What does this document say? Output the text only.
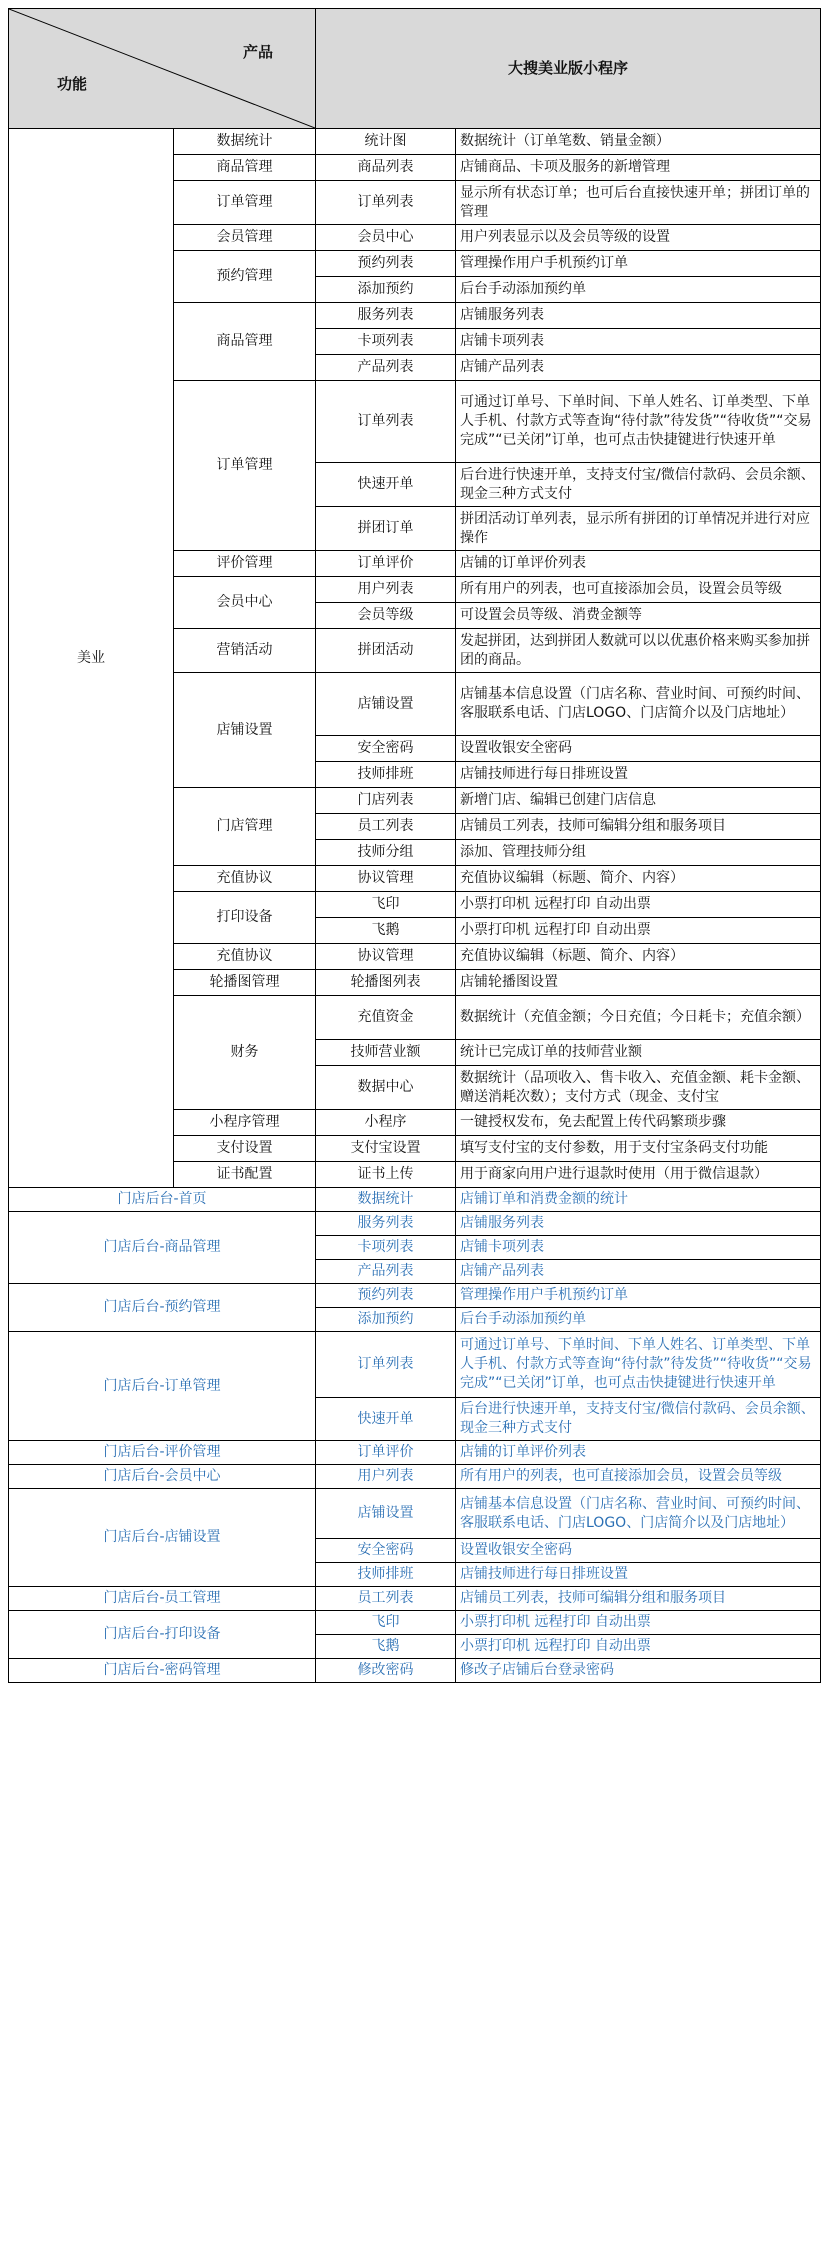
产品
功能		大搜美业版小程序	
美业	数据统计	统计图	数据统计（订单笔数、销量金额）
	商品管理	商品列表	店铺商品、卡项及服务的新增管理
	订单管理	订单列表	显示所有状态订单；也可后台直接快速开单；拼团订单的管理
	会员管理	会员中心	用户列表显示以及会员等级的设置
	预约管理	预约列表	管理操作用户手机预约订单
		添加预约	后台手动添加预约单
	商品管理	服务列表	店铺服务列表
		卡项列表	店铺卡项列表
		产品列表	店铺产品列表
	订单管理	订单列表	可通过订单号、下单时间、下单人姓名、订单类型、下单人手机、付款方式等查询“待付款”待发货”“待收货”“交易完成”“已关闭”订单，也可点击快捷键进行快速开单
		快速开单	后台进行快速开单，支持支付宝/微信付款码、会员余额、现金三种方式支付
		拼团订单	拼团活动订单列表，显示所有拼团的订单情况并进行对应操作
	评价管理	订单评价	店铺的订单评价列表
	会员中心	用户列表	所有用户的列表，也可直接添加会员，设置会员等级
		会员等级	可设置会员等级、消费金额等
	营销活动	拼团活动	发起拼团，达到拼团人数就可以以优惠价格来购买参加拼团的商品。
	店铺设置	店铺设置	店铺基本信息设置（门店名称、营业时间、可预约时间、客服联系电话、门店LOGO、门店简介以及门店地址）
		安全密码	设置收银安全密码
		技师排班	店铺技师进行每日排班设置
	门店管理	门店列表	新增门店、编辑已创建门店信息
		员工列表	店铺员工列表，技师可编辑分组和服务项目
		技师分组	添加、管理技师分组
	充值协议	协议管理	充值协议编辑（标题、简介、内容）
	打印设备	飞印	小票打印机 远程打印 自动出票
		飞鹅	小票打印机 远程打印 自动出票
	充值协议	协议管理	充值协议编辑（标题、简介、内容）
	轮播图管理	轮播图列表	店铺轮播图设置
	财务	充值资金	数据统计（充值金额；今日充值；今日耗卡；充值余额）
		技师营业额	统计已完成订单的技师营业额
		数据中心	数据统计（品项收入、售卡收入、充值金额、耗卡金额、赠送消耗次数）；支付方式（现金、支付宝
	小程序管理	小程序	一键授权发布，免去配置上传代码繁琐步骤
	支付设置	支付宝设置	填写支付宝的支付参数，用于支付宝条码支付功能
	证书配置	证书上传	用于商家向用户进行退款时使用（用于微信退款）
门店后台-首页		数据统计	店铺订单和消费金额的统计
门店后台-商品管理		服务列表	店铺服务列表
		卡项列表	店铺卡项列表
		产品列表	店铺产品列表
门店后台-预约管理		预约列表	管理操作用户手机预约订单
		添加预约	后台手动添加预约单
门店后台-订单管理		订单列表	可通过订单号、下单时间、下单人姓名、订单类型、下单人手机、付款方式等查询“待付款”待发货”“待收货”“交易完成”“已关闭”订单，也可点击快捷键进行快速开单
		快速开单	后台进行快速开单，支持支付宝/微信付款码、会员余额、现金三种方式支付
门店后台-评价管理		订单评价	店铺的订单评价列表
门店后台-会员中心		用户列表	所有用户的列表，也可直接添加会员，设置会员等级
门店后台-店铺设置		店铺设置	店铺基本信息设置（门店名称、营业时间、可预约时间、客服联系电话、门店LOGO、门店简介以及门店地址）
		安全密码	设置收银安全密码
		技师排班	店铺技师进行每日排班设置
门店后台-员工管理		员工列表	店铺员工列表，技师可编辑分组和服务项目
门店后台-打印设备		飞印	小票打印机 远程打印 自动出票
		飞鹅	小票打印机 远程打印 自动出票
门店后台-密码管理		修改密码	修改子店铺后台登录密码
